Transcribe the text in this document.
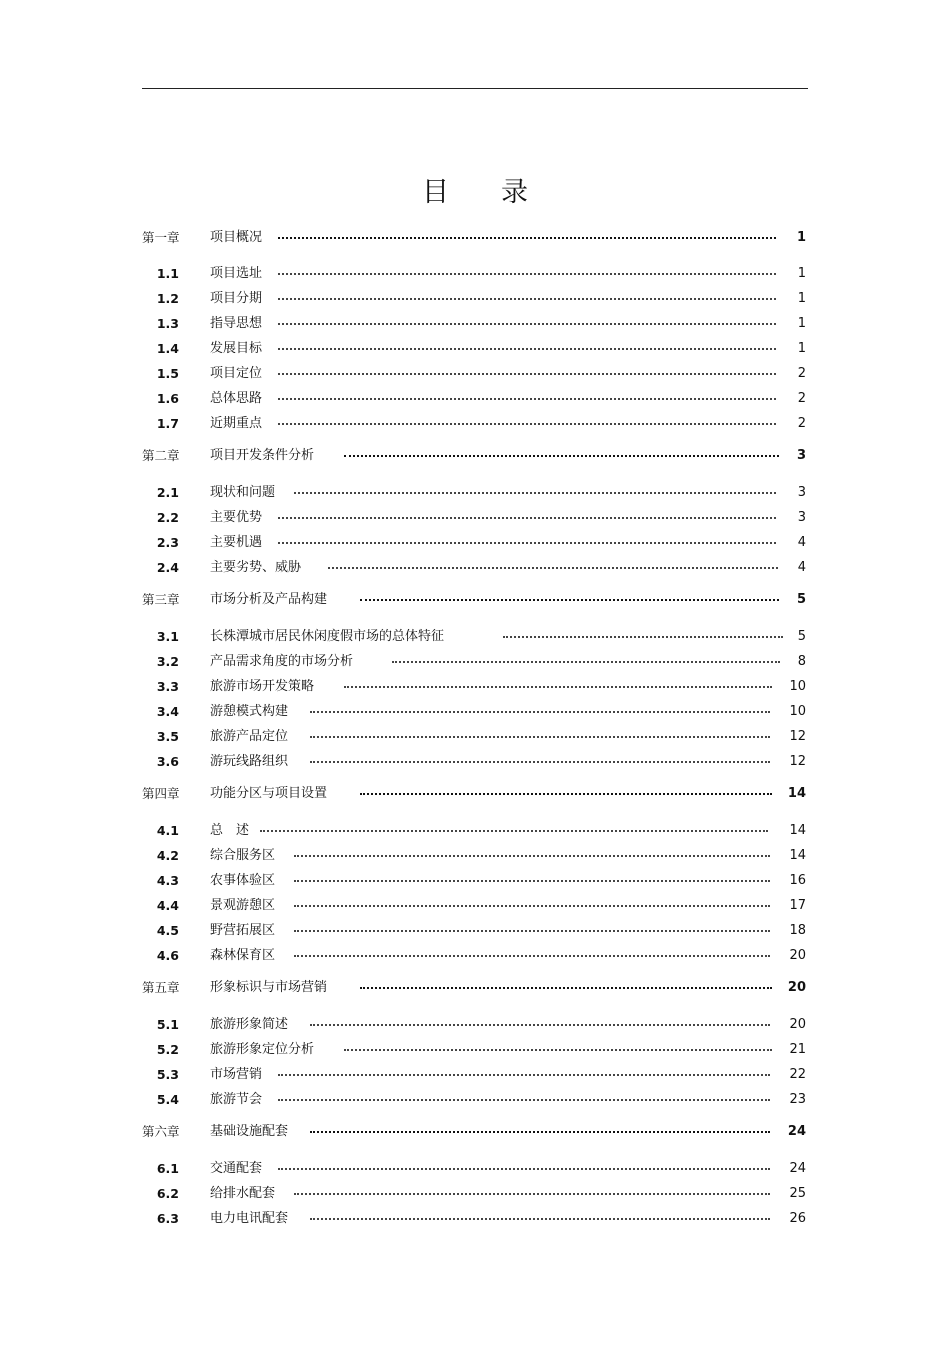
目 录
第一章 项目概况	1
1.1 项目选址	1
1.2 项目分期	1
1.3 指导思想	1
1.4 发展目标	1
1.5 项目定位	2
1.6 总体思路	2
1.7 近期重点	2
第二章 项目开发条件分析	3
2.1 现状和问题	3
2.2 主要优势	3
2.3 主要机遇	4
2.4 主要劣势、威胁	4
第三章 市场分析及产品构建	5
3.1 长株潭城市居民休闲度假市场的总体特征	5
3.2 产品需求角度的市场分析	8
3.3 旅游市场开发策略	10
3.4 游憩模式构建	10
3.5 旅游产品定位	12
3.6 游玩线路组织	12
第四章 功能分区与项目设置	14
4.1 总　述	14
4.2 综合服务区	14
4.3 农事体验区	16
4.4 景观游憩区	17
4.5 野营拓展区	18
4.6 森林保育区	20
第五章 形象标识与市场营销	20
5.1 旅游形象简述	20
5.2 旅游形象定位分析	21
5.3 市场营销	22
5.4 旅游节会	23
第六章 基础设施配套	24
6.1 交通配套	24
6.2 给排水配套	25
6.3 电力电讯配套	26
